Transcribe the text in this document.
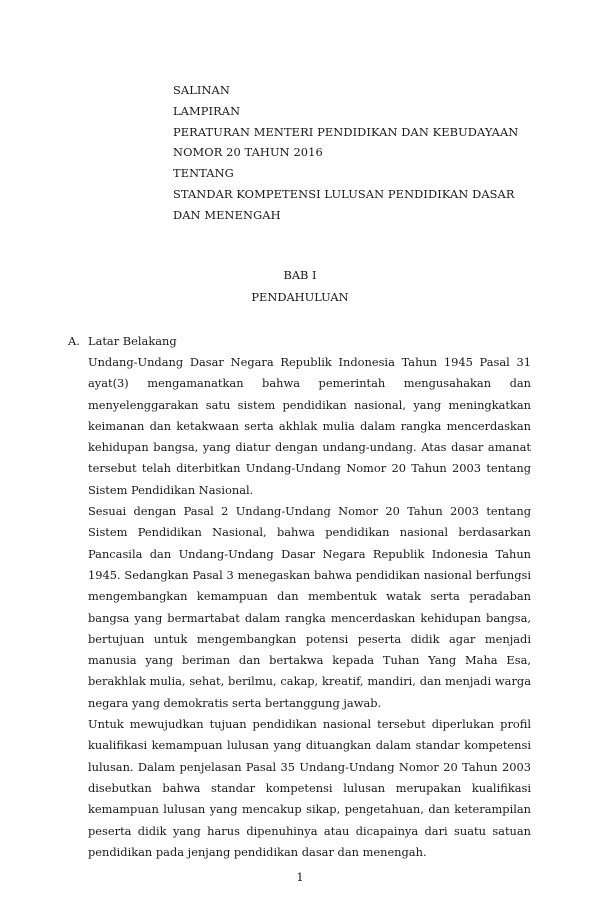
SALINAN
LAMPIRAN
PERATURAN MENTERI PENDIDIKAN DAN KEBUDAYAAN
NOMOR 20 TAHUN 2016
TENTANG
STANDAR KOMPETENSI LULUSAN PENDIDIKAN DASAR
DAN MENENGAH
BAB I
PENDAHULUAN
A. Latar Belakang

Undang-Undang Dasar Negara Republik Indonesia Tahun 1945 Pasal 31 ayat(3) mengamanatkan bahwa pemerintah mengusahakan dan menyelenggarakan satu sistem pendidikan nasional, yang meningkatkan keimanan dan ketakwaan serta akhlak mulia dalam rangka mencerdaskan kehidupan bangsa, yang diatur dengan undang-undang. Atas dasar amanat tersebut telah diterbitkan Undang-Undang Nomor 20 Tahun 2003 tentang Sistem Pendidikan Nasional.

Sesuai dengan Pasal 2 Undang-Undang Nomor 20 Tahun 2003 tentang Sistem Pendidikan Nasional, bahwa pendidikan nasional berdasarkan Pancasila dan Undang-Undang Dasar Negara Republik Indonesia Tahun 1945. Sedangkan Pasal 3 menegaskan bahwa pendidikan nasional berfungsi mengembangkan kemampuan dan membentuk watak serta peradaban bangsa yang bermartabat dalam rangka mencerdaskan kehidupan bangsa, bertujuan untuk mengembangkan potensi peserta didik agar menjadi manusia yang beriman dan bertakwa kepada Tuhan Yang Maha Esa, berakhlak mulia, sehat, berilmu, cakap, kreatif, mandiri, dan menjadi warga negara yang demokratis serta bertanggung jawab.

Untuk mewujudkan tujuan pendidikan nasional tersebut diperlukan profil kualifikasi kemampuan lulusan yang dituangkan dalam standar kompetensi lulusan. Dalam penjelasan Pasal 35 Undang-Undang Nomor 20 Tahun 2003 disebutkan bahwa standar kompetensi lulusan merupakan kualifikasi kemampuan lulusan yang mencakup sikap, pengetahuan, dan keterampilan peserta didik yang harus dipenuhinya atau dicapainya dari suatu satuan pendidikan pada jenjang pendidikan dasar dan menengah.

1
